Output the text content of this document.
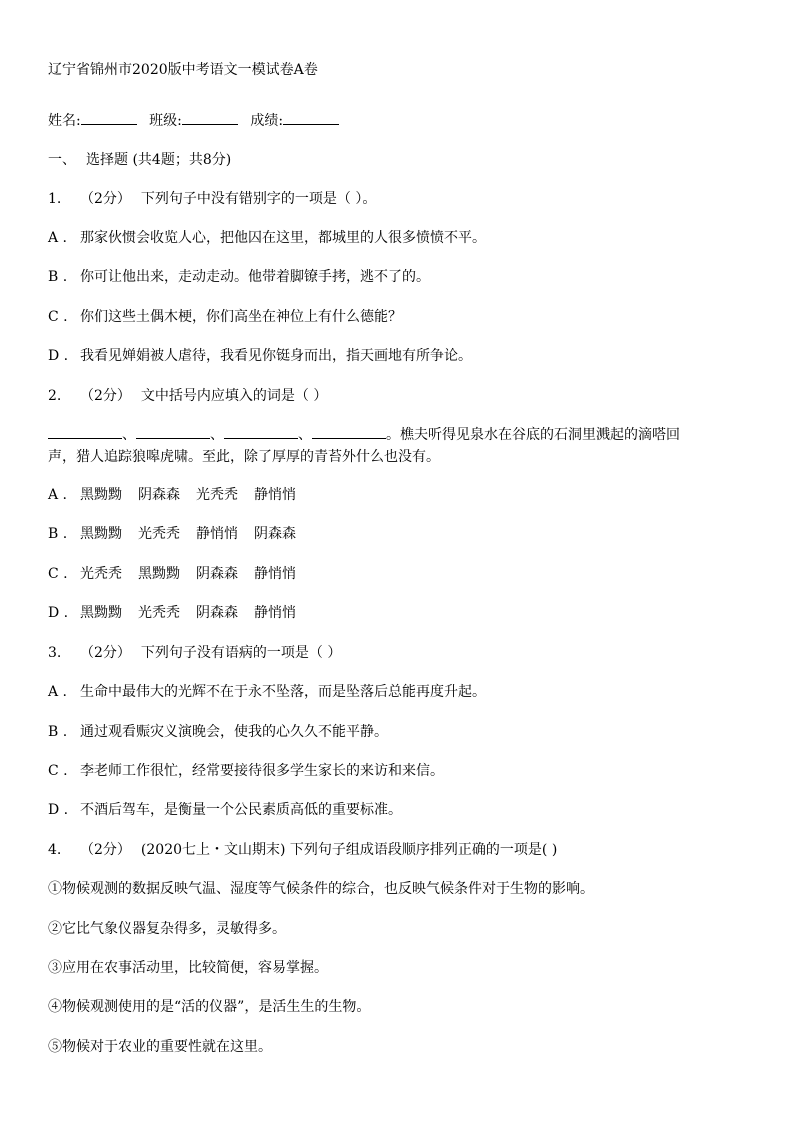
辽宁省锦州市2020版中考语文一模试卷A卷
姓名:	班级:	成绩:
一、 选择题 (共4题；共8分)
1. （2分） 下列句子中没有错别字的一项是（ ）。
A . 那家伙惯会收览人心，把他囚在这里，都城里的人很多愤愤不平。
B . 你可让他出来，走动走动。他带着脚镣手拷，逃不了的。
C . 你们这些土偶木梗，你们高坐在神位上有什么德能？
D . 我看见婵娟被人虐待，我看见你铤身而出，指天画地有所争论。
2. （2分） 文中括号内应填入的词是（ ）
、	、	、	。樵夫听得见泉水在谷底的石洞里溅起的滴嗒回
声，猎人追踪狼嗥虎啸。至此，除了厚厚的青苔外什么也没有。
A . 黑黝黝 阴森森 光秃秃 静悄悄
B . 黑黝黝 光秃秃 静悄悄 阴森森
C . 光秃秃 黑黝黝 阴森森 静悄悄
D . 黑黝黝 光秃秃 阴森森 静悄悄
3. （2分） 下列句子没有语病的一项是（ ）
A . 生命中最伟大的光辉不在于永不坠落，而是坠落后总能再度升起。
B . 通过观看赈灾义演晚会，使我的心久久不能平静。
C . 李老师工作很忙，经常要接待很多学生家长的来访和来信。
D . 不酒后驾车，是衡量一个公民素质高低的重要标准。
4. （2分） (2020七上・文山期末) 下列句子组成语段顺序排列正确的一项是( )
①物候观测的数据反映气温、湿度等气候条件的综合，也反映气候条件对于生物的影响。
②它比气象仪器复杂得多，灵敏得多。
③应用在农事活动里，比较简便，容易掌握。
④物候观测使用的是“活的仪器”，是活生生的生物。
⑤物候对于农业的重要性就在这里。
